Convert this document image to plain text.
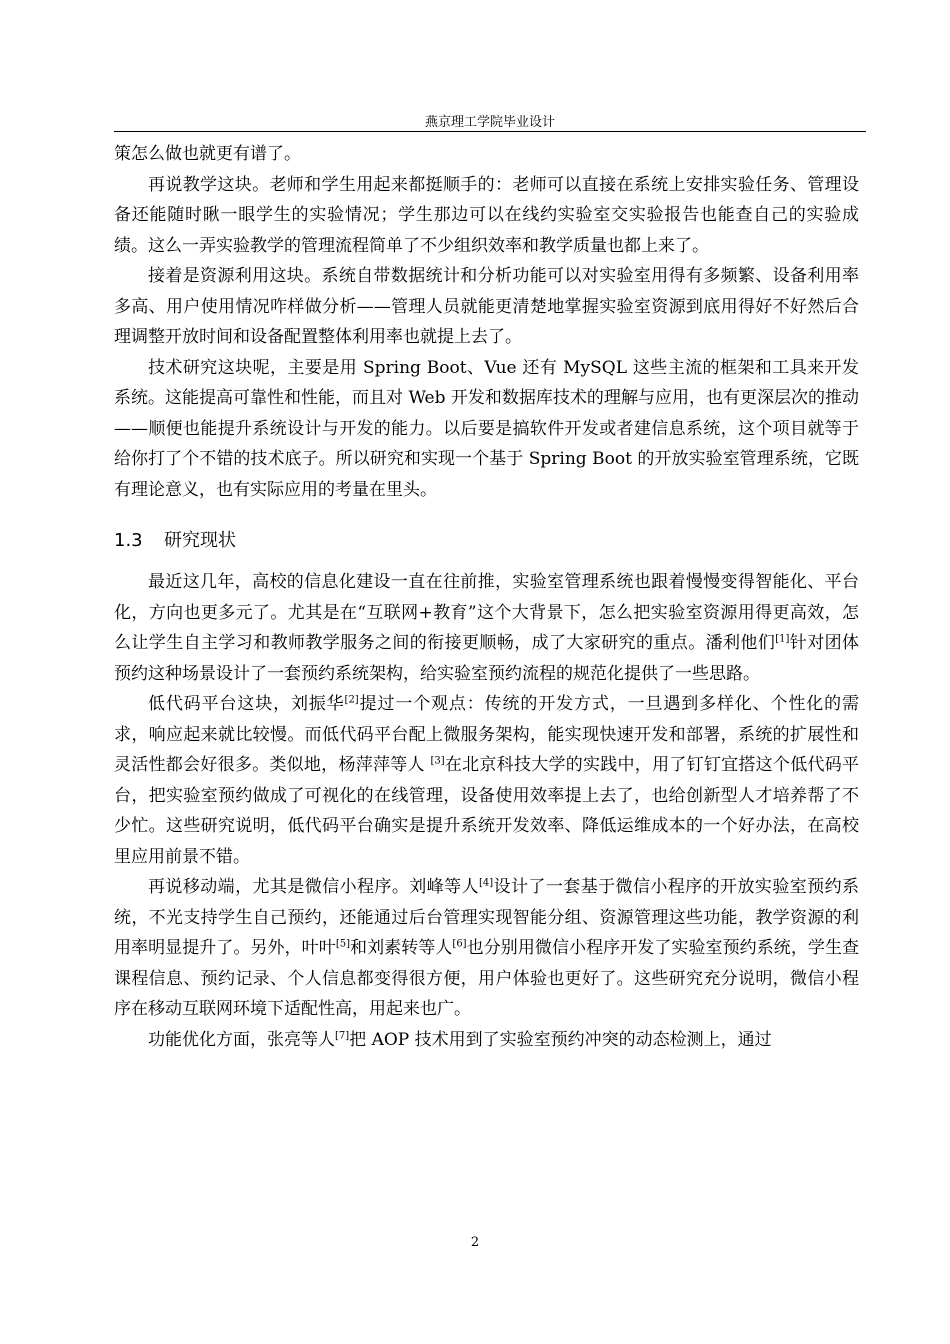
燕京理工学院毕业设计

策怎么做也就更有谱了。

再说教学这块。老师和学生用起来都挺顺手的：老师可以直接在系统上安排实验任务、管理设备还能随时瞅一眼学生的实验情况；学生那边可以在线约实验室交实验报告也能查自己的实验成绩。这么一弄实验教学的管理流程简单了不少组织效率和教学质量也都上来了。

接着是资源利用这块。系统自带数据统计和分析功能可以对实验室用得有多频繁、设备利用率多高、用户使用情况咋样做分析——管理人员就能更清楚地掌握实验室资源到底用得好不好然后合理调整开放时间和设备配置整体利用率也就提上去了。

技术研究这块呢，主要是用 Spring Boot、Vue 还有 MySQL 这些主流的框架和工具来开发系统。这能提高可靠性和性能，而且对 Web 开发和数据库技术的理解与应用，也有更深层次的推动——顺便也能提升系统设计与开发的能力。以后要是搞软件开发或者建信息系统，这个项目就等于给你打了个不错的技术底子。所以研究和实现一个基于 Spring Boot 的开放实验室管理系统，它既有理论意义，也有实际应用的考量在里头。

1.3 研究现状

最近这几年，高校的信息化建设一直在往前推，实验室管理系统也跟着慢慢变得智能化、平台化，方向也更多元了。尤其是在“互联网+教育”这个大背景下，怎么把实验室资源用得更高效，怎么让学生自主学习和教师教学服务之间的衔接更顺畅，成了大家研究的重点。潘利他们[1]针对团体预约这种场景设计了一套预约系统架构，给实验室预约流程的规范化提供了一些思路。

低代码平台这块，刘振华[2]提过一个观点：传统的开发方式，一旦遇到多样化、个性化的需求，响应起来就比较慢。而低代码平台配上微服务架构，能实现快速开发和部署，系统的扩展性和灵活性都会好很多。类似地，杨萍萍等人 [3]在北京科技大学的实践中，用了钉钉宜搭这个低代码平台，把实验室预约做成了可视化的在线管理，设备使用效率提上去了，也给创新型人才培养帮了不少忙。这些研究说明，低代码平台确实是提升系统开发效率、降低运维成本的一个好办法，在高校里应用前景不错。

再说移动端，尤其是微信小程序。刘峰等人[4]设计了一套基于微信小程序的开放实验室预约系统，不光支持学生自己预约，还能通过后台管理实现智能分组、资源管理这些功能，教学资源的利用率明显提升了。另外，叶叶[5]和刘素转等人[6]也分别用微信小程序开发了实验室预约系统，学生查课程信息、预约记录、个人信息都变得很方便，用户体验也更好了。这些研究充分说明，微信小程序在移动互联网环境下适配性高，用起来也广。

功能优化方面，张亮等人[7]把 AOP 技术用到了实验室预约冲突的动态检测上，通过

2
